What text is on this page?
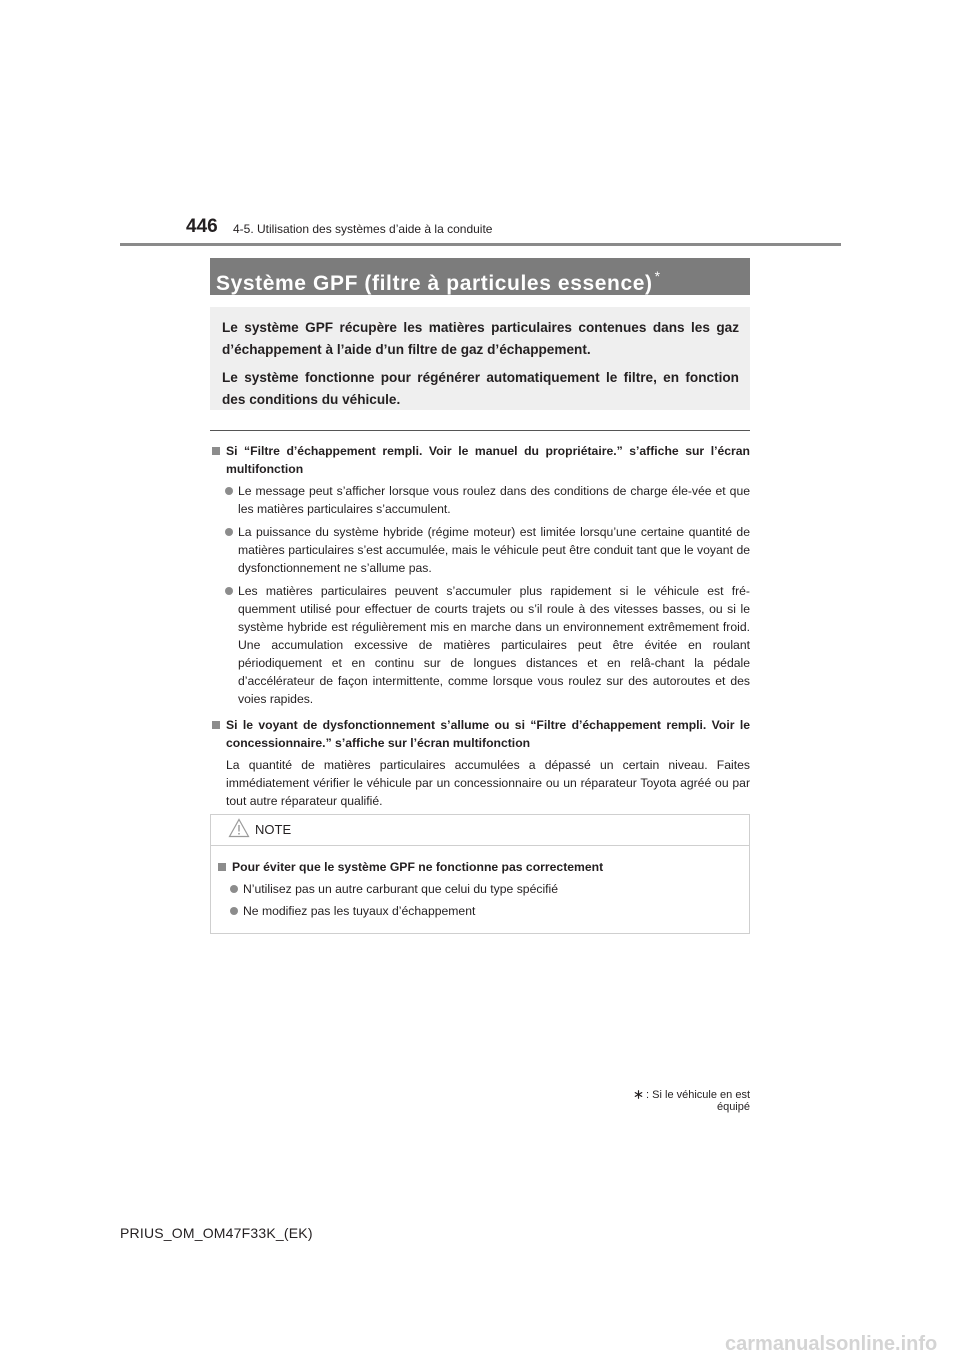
446 4-5. Utilisation des systèmes d’aide à la conduite
Système GPF (filtre à particules essence) *

Le système GPF récupère les matières particulaires contenues dans les gaz d’échappement à l’aide d’un filtre de gaz d’échappement.

Le système fonctionne pour régénérer automatiquement le filtre, en fonction des conditions du véhicule.

Si “Filtre d’échappement rempli. Voir le manuel du propriétaire.” s’affiche sur l’écran multifonction
Le message peut s’afficher lorsque vous roulez dans des conditions de charge éle-vée et que les matières particulaires s’accumulent.
La puissance du système hybride (régime moteur) est limitée lorsqu’une certaine quantité de matières particulaires s’est accumulée, mais le véhicule peut être conduit tant que le voyant de dysfonctionnement ne s’allume pas.
Les matières particulaires peuvent s’accumuler plus rapidement si le véhicule est fré-quemment utilisé pour effectuer de courts trajets ou s’il roule à des vitesses basses, ou si le système hybride est régulièrement mis en marche dans un environnement extrêmement froid. Une accumulation excessive de matières particulaires peut être évitée en roulant périodiquement et en continu sur de longues distances et en relâ-chant la pédale d’accélérateur de façon intermittente, comme lorsque vous roulez sur des autoroutes et des voies rapides.
Si le voyant de dysfonctionnement s’allume ou si “Filtre d’échappement rempli. Voir le concessionnaire.” s’affiche sur l’écran multifonction
La quantité de matières particulaires accumulées a dépassé un certain niveau. Faites immédiatement vérifier le véhicule par un concessionnaire ou un réparateur Toyota agréé ou par tout autre réparateur qualifié.
NOTE
Pour éviter que le système GPF ne fonctionne pas correctement
N’utilisez pas un autre carburant que celui du type spécifié
Ne modifiez pas les tuyaux d’échappement
: Si le véhicule en est équipé
PRIUS_OM_OM47F33K_(EK)
carmanualsonline.info
